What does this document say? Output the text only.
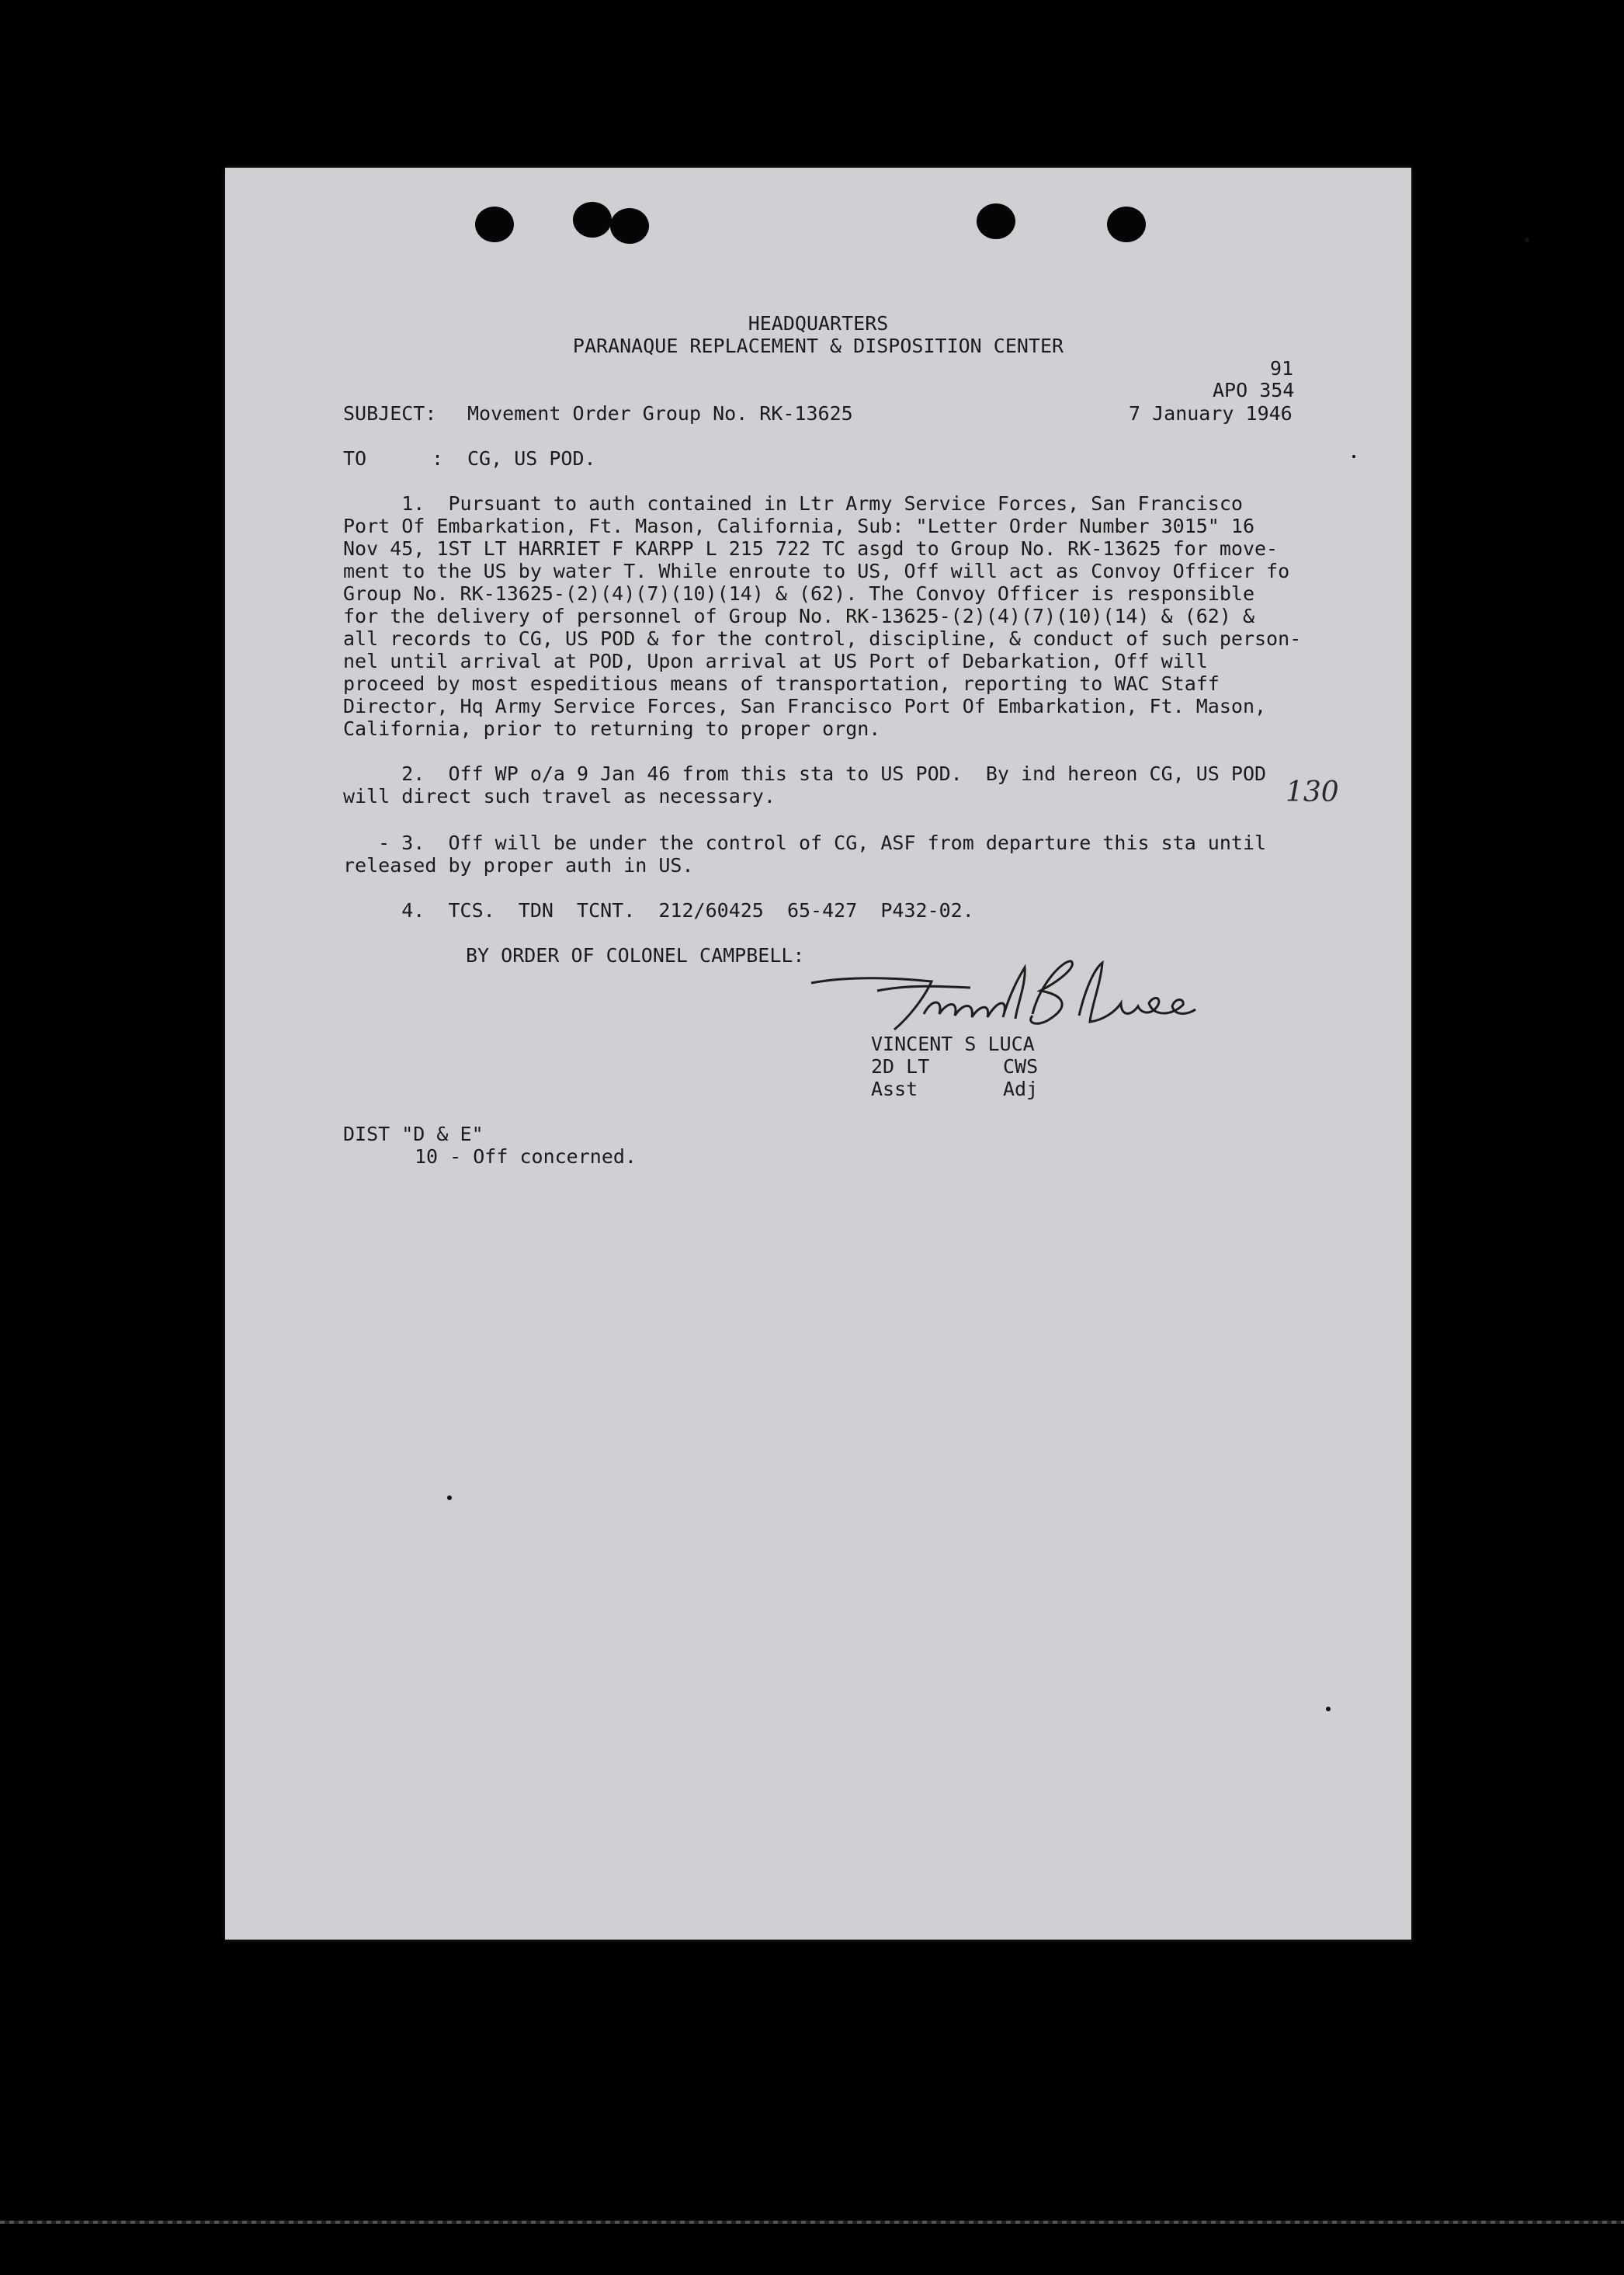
HEADQUARTERS
PARANAQUE REPLACEMENT & DISPOSITION CENTER
91
APO 354
SUBJECT: Movement Order Group No. RK-13625	7 January 1946
TO	: CG, US POD.
1.  Pursuant to auth contained in Ltr Army Service Forces, San Francisco
Port Of Embarkation, Ft. Mason, California, Sub: "Letter Order Number 3015" 16
Nov 45, 1ST LT HARRIET F KARPP L 215 722 TC asgd to Group No. RK-13625 for move-
ment to the US by water T. While enroute to US, Off will act as Convoy Officer fo
Group No. RK-13625-(2)(4)(7)(10)(14) & (62). The Convoy Officer is responsible
for the delivery of personnel of Group No. RK-13625-(2)(4)(7)(10)(14) & (62) &
all records to CG, US POD & for the control, discipline, & conduct of such person-
nel until arrival at POD, Upon arrival at US Port of Debarkation, Off will
proceed by most espeditious means of transportation, reporting to WAC Staff
Director, Hq Army Service Forces, San Francisco Port Of Embarkation, Ft. Mason,
California, prior to returning to proper orgn.
2.  Off WP o/a 9 Jan 46 from this sta to US POD.  By ind hereon CG, US POD
will direct such travel as necessary.	130
- 3.  Off will be under the control of CG, ASF from departure this sta until
released by proper auth in US.
4.  TCS.  TDN  TCNT.  212/60425  65-427  P432-02.
BY ORDER OF COLONEL CAMPBELL:
VINCENT S LUCA
2D LT	CWS
Asst	Adj
DIST "D & E"
10 - Off concerned.
